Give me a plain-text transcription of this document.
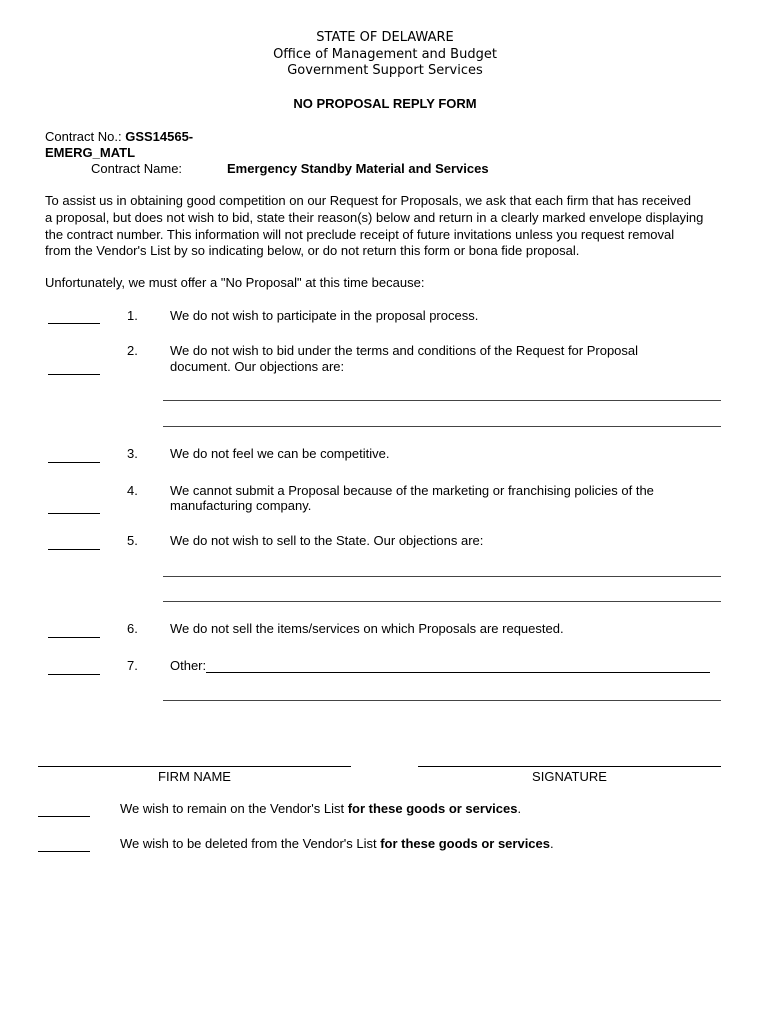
STATE OF DELAWARE
Office of Management and Budget
Government Support Services
NO PROPOSAL REPLY FORM
Contract No.: GSS14565-
EMERG_MATL
Contract Name:	Emergency Standby Material and Services
To assist us in obtaining good competition on our Request for Proposals, we ask that each firm that has received
a proposal, but does not wish to bid, state their reason(s) below and return in a clearly marked envelope displaying
the contract number. This information will not preclude receipt of future invitations unless you request removal
from the Vendor's List by so indicating below, or do not return this form or bona fide proposal.
Unfortunately, we must offer a "No Proposal" at this time because:
1. We do not wish to participate in the proposal process.
2. We do not wish to bid under the terms and conditions of the Request for Proposal
document. Our objections are:
3. We do not feel we can be competitive.
4. We cannot submit a Proposal because of the marketing or franchising policies of the
manufacturing company.
5. We do not wish to sell to the State. Our objections are:
6. We do not sell the items/services on which Proposals are requested.
7. Other:
FIRM NAME	SIGNATURE
We wish to remain on the Vendor's List for these goods or services.
We wish to be deleted from the Vendor's List for these goods or services.
